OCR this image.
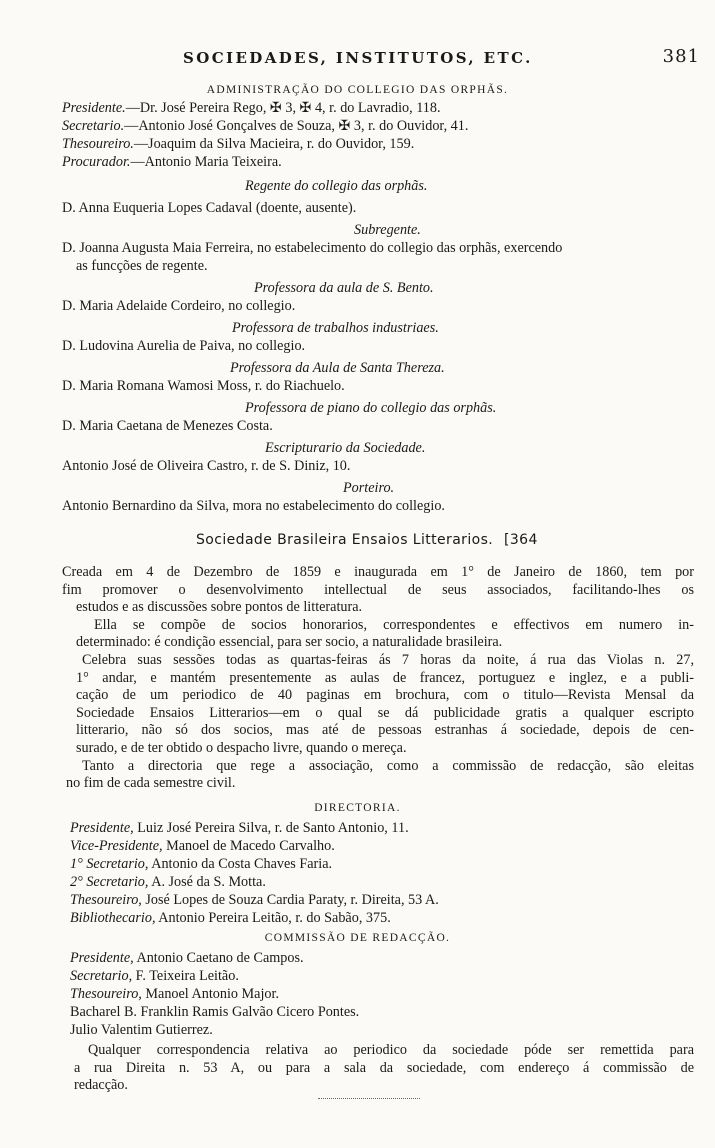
SOCIEDADES, INSTITUTOS, ETC.	381
ADMINISTRAÇÃO DO COLLEGIO DAS ORPHÃS.
Presidente.—Dr. José Pereira Rego, ✠ 3, ✠ 4, r. do Lavradio, 118.
Secretario.—Antonio José Gonçalves de Souza, ✠ 3, r. do Ouvidor, 41.
Thesoureiro.—Joaquim da Silva Macieira, r. do Ouvidor, 159.
Procurador.—Antonio Maria Teixeira.
Regente do collegio das orphãs.
D. Anna Euqueria Lopes Cadaval (doente, ausente).
Subregente.
D. Joanna Augusta Maia Ferreira, no estabelecimento do collegio das orphãs, exercendo
as funcções de regente.
Professora da aula de S. Bento.
D. Maria Adelaide Cordeiro, no collegio.
Professora de trabalhos industriaes.
D. Ludovina Aurelia de Paiva, no collegio.
Professora da Aula de Santa Thereza.
D. Maria Romana Wamosi Moss, r. do Riachuelo.
Professora de piano do collegio das orphãs.
D. Maria Caetana de Menezes Costa.
Escripturario da Sociedade.
Antonio José de Oliveira Castro, r. de S. Diniz, 10.
Porteiro.
Antonio Bernardino da Silva, mora no estabelecimento do collegio.
Sociedade Brasileira Ensaios Litterarios. [364
Creada em 4 de Dezembro de 1859 e inaugurada em 1° de Janeiro de 1860, tem por
fim promover o desenvolvimento intellectual de seus associados, facilitando-lhes os
estudos e as discussões sobre pontos de litteratura.
Ella se compõe de socios honorarios, correspondentes e effectivos em numero in-
determinado: é condição essencial, para ser socio, a naturalidade brasileira.
Celebra suas sessões todas as quartas-feiras ás 7 horas da noite, á rua das Violas n. 27,
1° andar, e mantém presentemente as aulas de francez, portuguez e inglez, e a publi-
cação de um periodico de 40 paginas em brochura, com o titulo—Revista Mensal da
Sociedade Ensaios Litterarios—em o qual se dá publicidade gratis a qualquer escripto
litterario, não só dos socios, mas até de pessoas estranhas á sociedade, depois de cen-
surado, e de ter obtido o despacho livre, quando o mereça.
Tanto a directoria que rege a associação, como a commissão de redacção, são eleitas
no fim de cada semestre civil.
DIRECTORIA.
Presidente, Luiz José Pereira Silva, r. de Santo Antonio, 11.
Vice-Presidente, Manoel de Macedo Carvalho.
1° Secretario, Antonio da Costa Chaves Faria.
2° Secretario, A. José da S. Motta.
Thesoureiro, José Lopes de Souza Cardia Paraty, r. Direita, 53 A.
Bibliothecario, Antonio Pereira Leitão, r. do Sabão, 375.
COMMISSÃO DE REDACÇÃO.
Presidente, Antonio Caetano de Campos.
Secretario, F. Teixeira Leitão.
Thesoureiro, Manoel Antonio Major.
Bacharel B. Franklin Ramis Galvão Cicero Pontes.
Julio Valentim Gutierrez.
Qualquer correspondencia relativa ao periodico da sociedade póde ser remettida para
a rua Direita n. 53 A, ou para a sala da sociedade, com endereço á commissão de
redacção.
